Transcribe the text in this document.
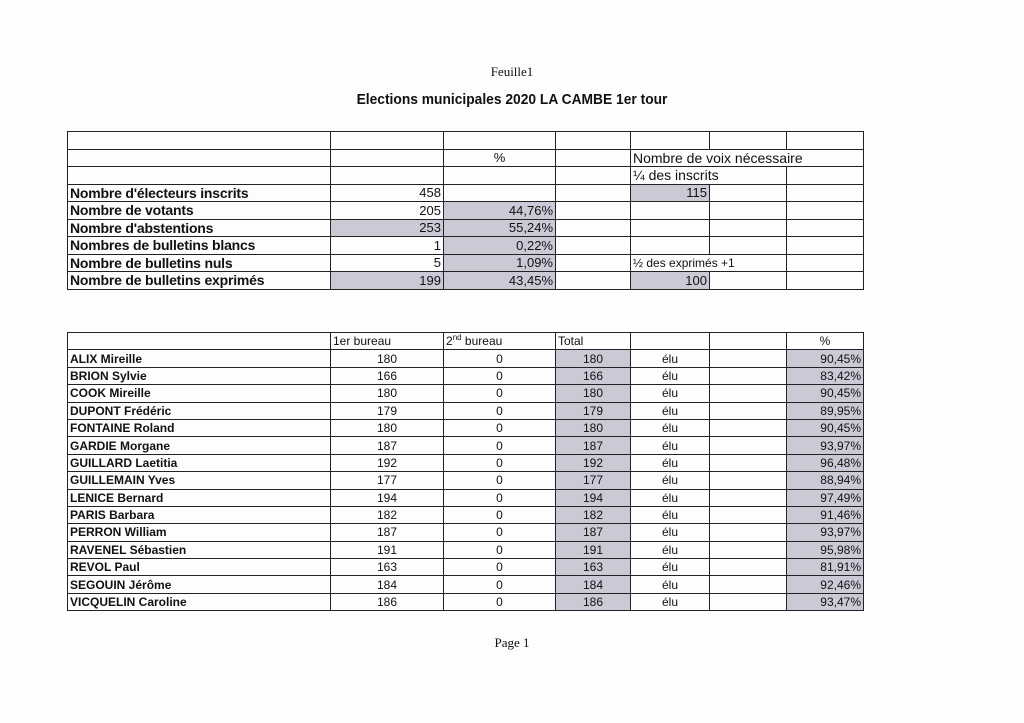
Feuille1
Elections municipales 2020 LA CAMBE 1er tour

		%		Nombre de voix nécessaire		
				¼ des inscrits		
Nombre d'électeurs inscrits	458			115		
Nombre de votants	205	44,76%				
Nombre d'abstentions	253	55,24%				
Nombres de bulletins blancs	1	0,22%				
Nombre de bulletins nuls	5	1,09%		½ des exprimés +1		
Nombre de bulletins exprimés	199	43,45%		100		
	1er bureau	2nd bureau	Total			%
ALIX Mireille	180	0	180	élu		90,45%
BRION Sylvie	166	0	166	élu		83,42%
COOK Mireille	180	0	180	élu		90,45%
DUPONT Frédéric	179	0	179	élu		89,95%
FONTAINE Roland	180	0	180	élu		90,45%
GARDIE Morgane	187	0	187	élu		93,97%
GUILLARD Laetitia	192	0	192	élu		96,48%
GUILLEMAIN Yves	177	0	177	élu		88,94%
LENICE Bernard	194	0	194	élu		97,49%
PARIS Barbara	182	0	182	élu		91,46%
PERRON William	187	0	187	élu		93,97%
RAVENEL Sébastien	191	0	191	élu		95,98%
REVOL Paul	163	0	163	élu		81,91%
SEGOUIN Jérôme	184	0	184	élu		92,46%
VICQUELIN Caroline	186	0	186	élu		93,47%
Page 1
